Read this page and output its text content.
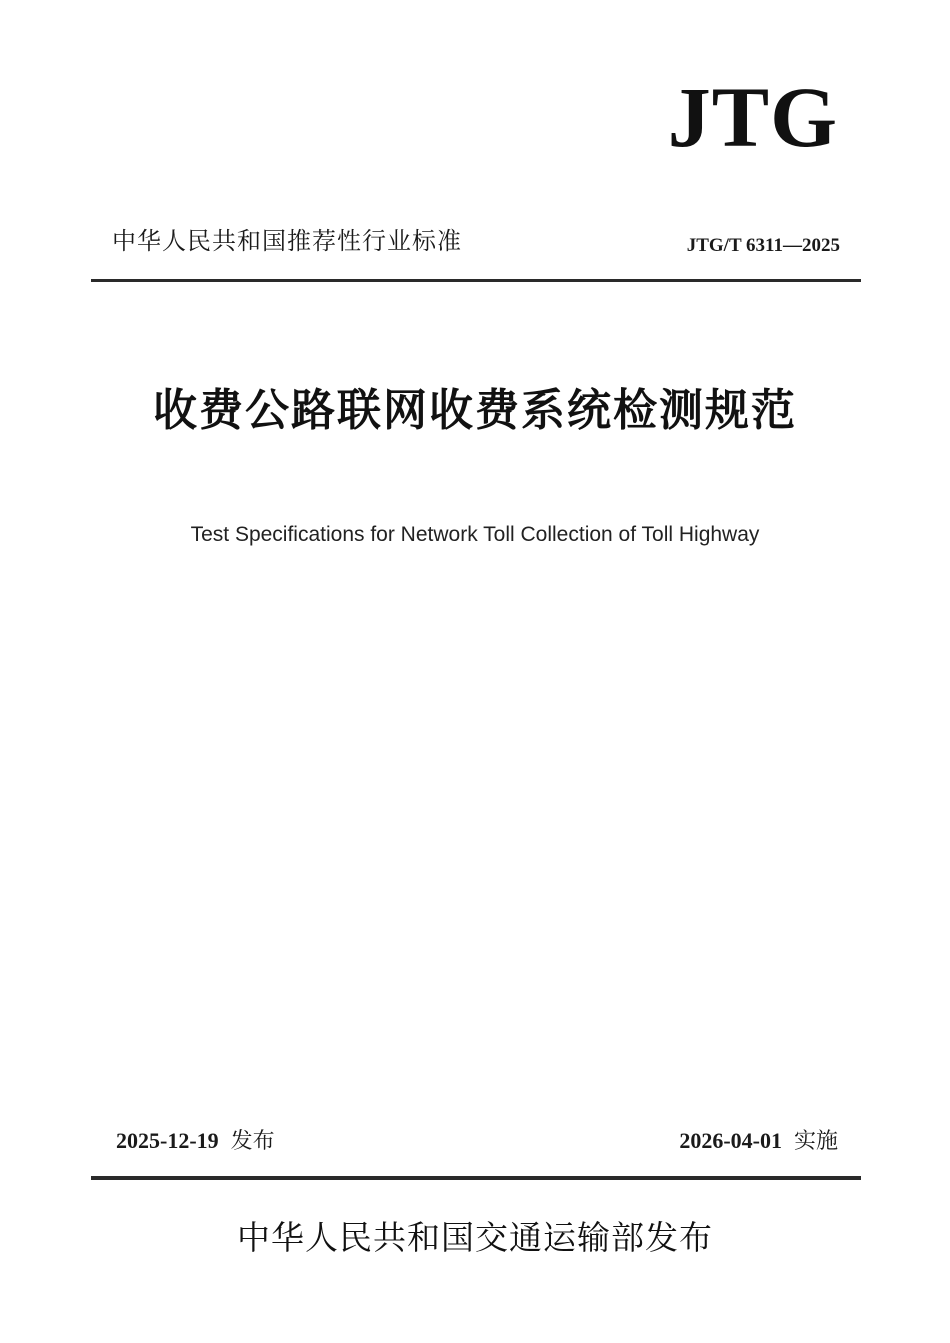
JTG
中华人民共和国推荐性行业标准	JTG/T 6311—2025
收费公路联网收费系统检测规范
Test Specifications for Network Toll Collection of Toll Highway
2025-12-19 发布	2026-04-01 实施
中华人民共和国交通运输部发布
